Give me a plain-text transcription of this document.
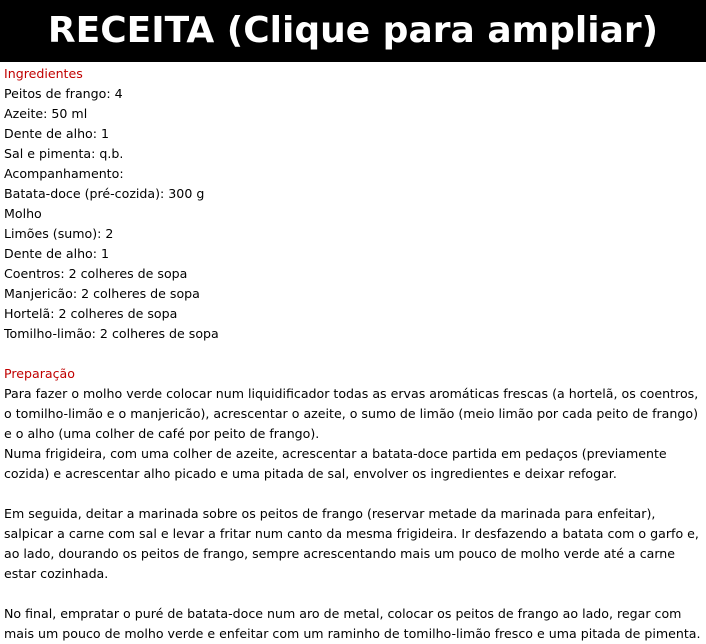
RECEITA (Clique para ampliar)

Ingredientes

Peitos de frango: 4

Azeite: 50 ml

Dente de alho: 1

Sal e pimenta: q.b.

Acompanhamento:

Batata-doce (pré-cozida): 300 g

Molho

Limões (sumo): 2

Dente de alho: 1

Coentros: 2 colheres de sopa

Manjericão: 2 colheres de sopa

Hortelã: 2 colheres de sopa

Tomilho-limão: 2 colheres de sopa

Preparação

Para fazer o molho verde colocar num liquidificador todas as ervas aromáticas frescas (a hortelã, os coentros, o tomilho-limão e o manjericão), acrescentar o azeite, o sumo de limão (meio limão por cada peito de frango) e o alho (uma colher de café por peito de frango).

Numa frigideira, com uma colher de azeite, acrescentar a batata-doce partida em pedaços (previamente cozida) e acrescentar alho picado e uma pitada de sal, envolver os ingredientes e deixar refogar.

Em seguida, deitar a marinada sobre os peitos de frango (reservar metade da marinada para enfeitar), salpicar a carne com sal e levar a fritar num canto da mesma frigideira. Ir desfazendo a batata com o garfo e, ao lado, dourando os peitos de frango, sempre acrescentando mais um pouco de molho verde até a carne estar cozinhada.

No final, empratar o puré de batata-doce num aro de metal, colocar os peitos de frango ao lado, regar com mais um pouco de molho verde e enfeitar com um raminho de tomilho-limão fresco e uma pitada de pimenta.
